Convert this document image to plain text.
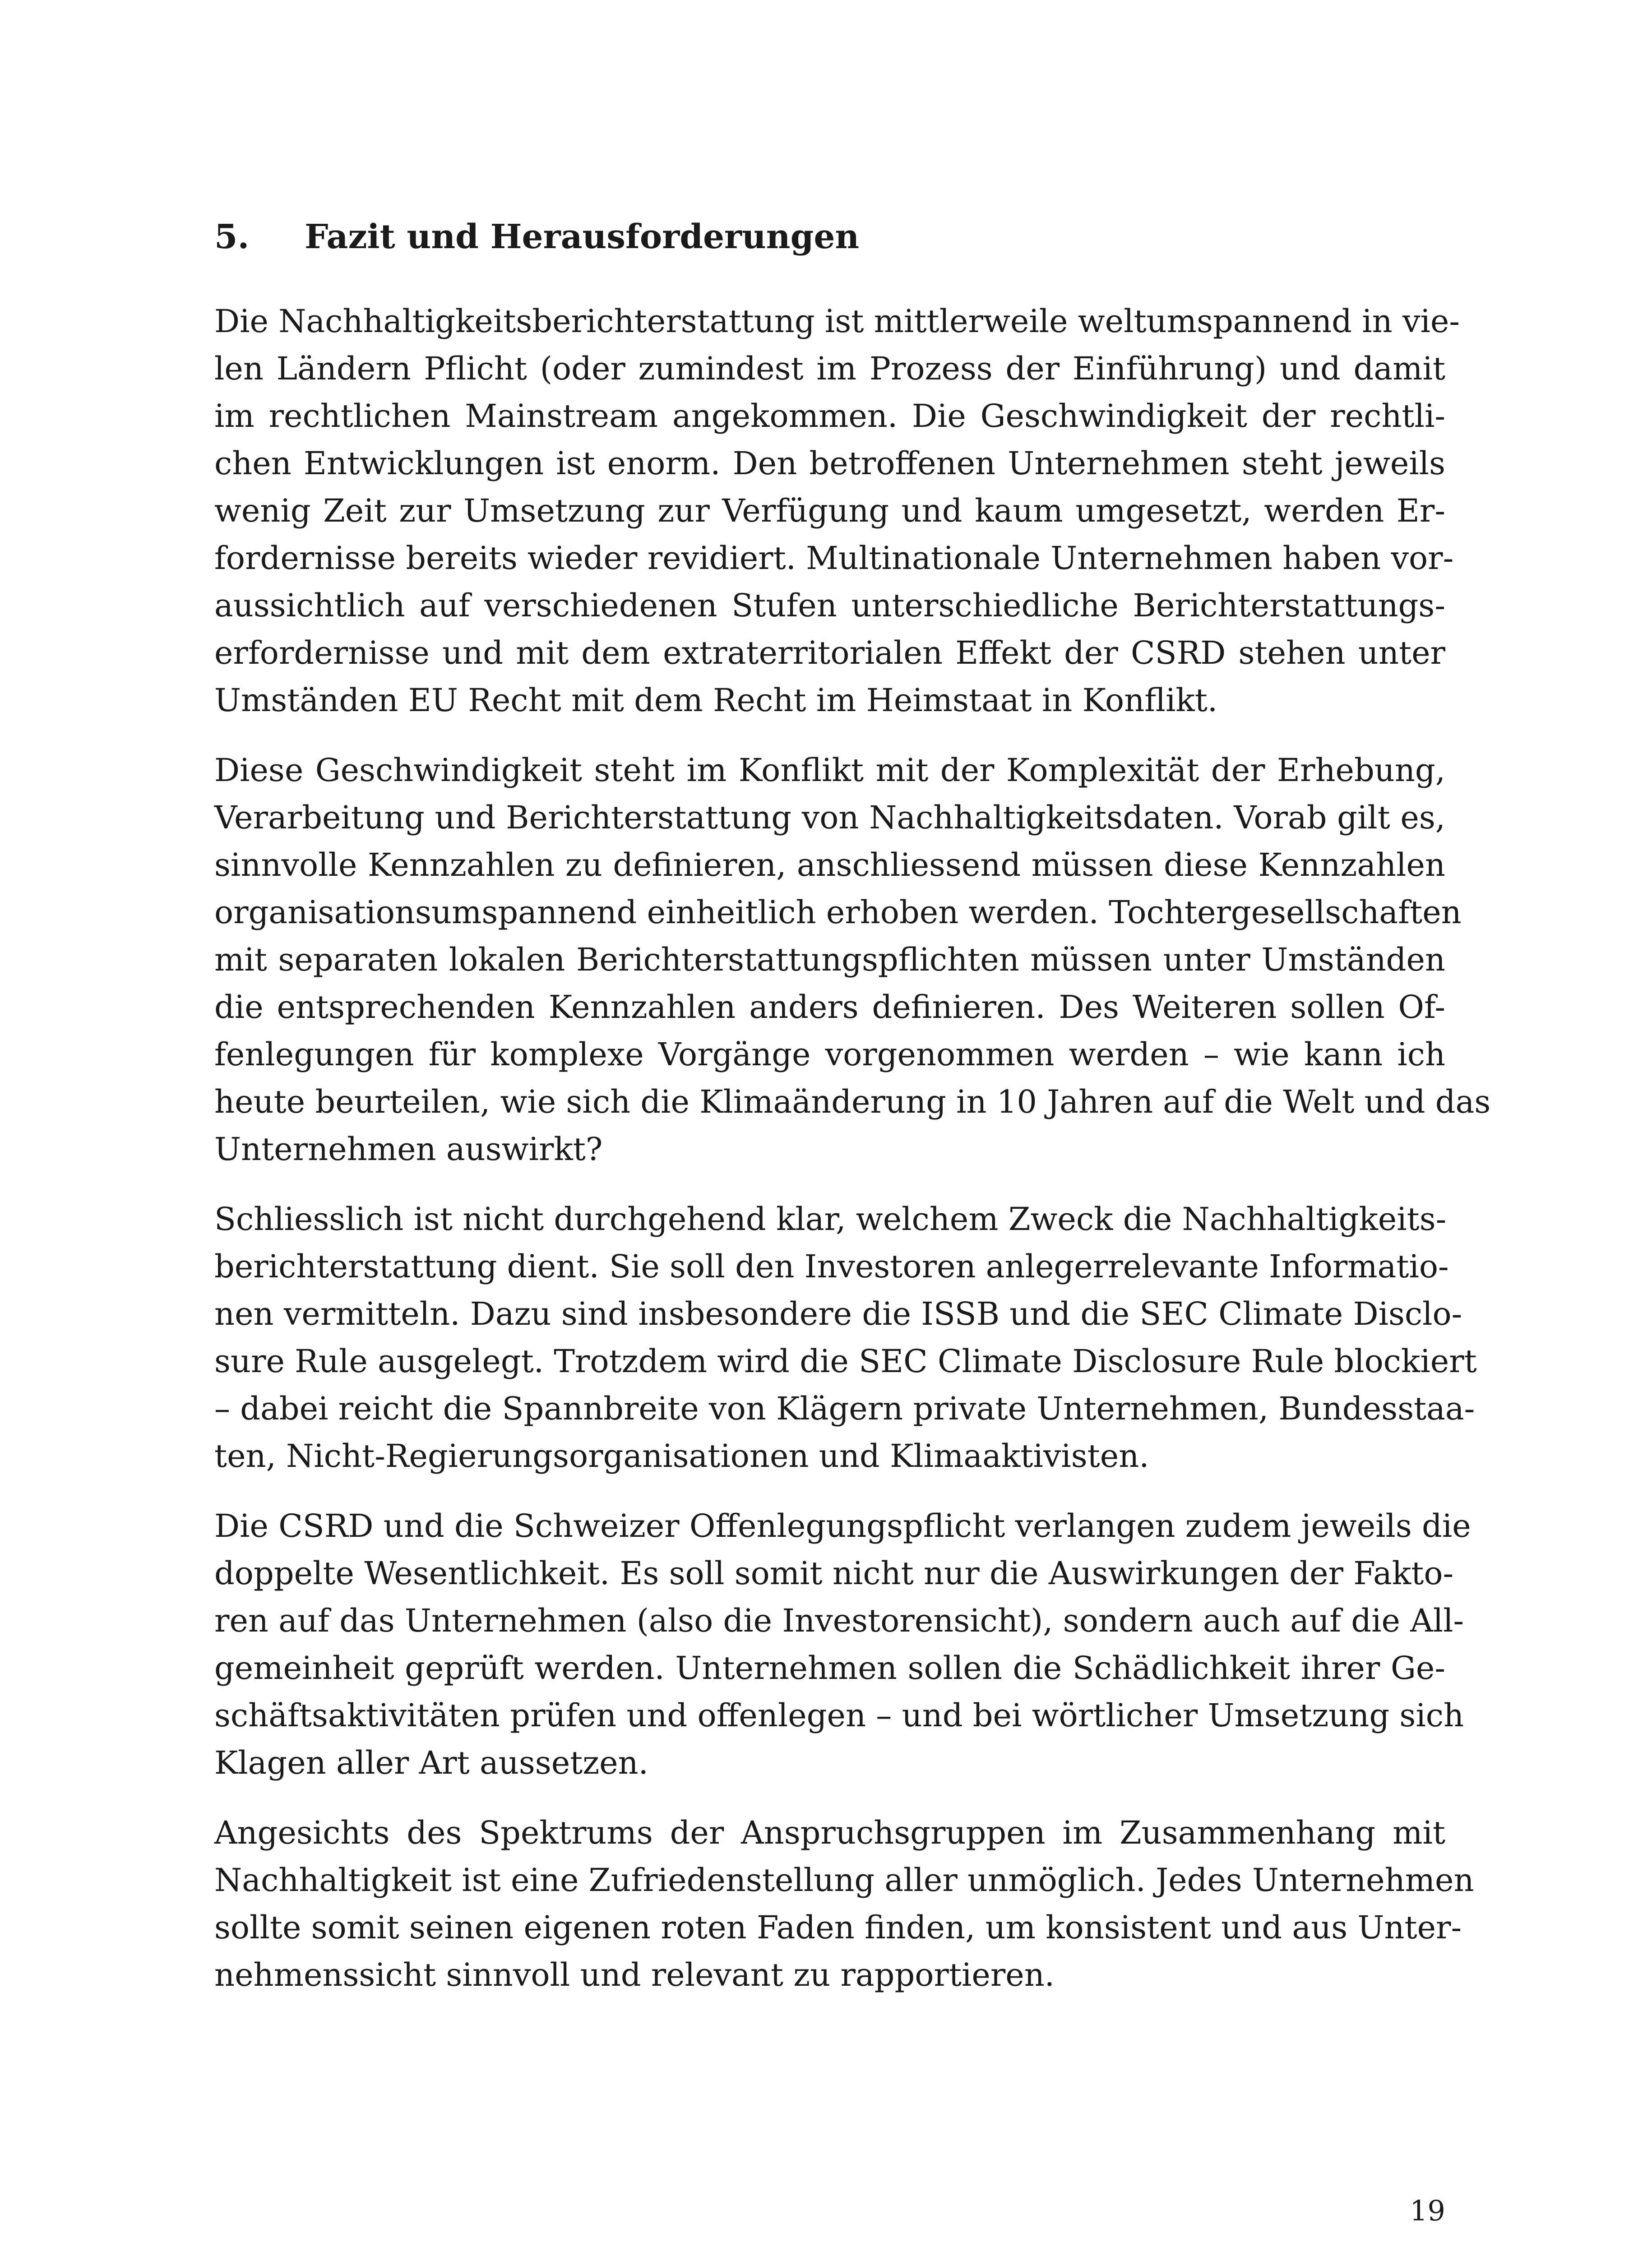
5.	Fazit und Herausforderungen

Die Nachhaltigkeitsberichterstattung ist mittlerweile weltumspannend in vie-
len Ländern Pflicht (oder zumindest im Prozess der Einführung) und damit
im rechtlichen Mainstream angekommen. Die Geschwindigkeit der rechtli-
chen Entwicklungen ist enorm. Den betroffenen Unternehmen steht jeweils
wenig Zeit zur Umsetzung zur Verfügung und kaum umgesetzt, werden Er-
fordernisse bereits wieder revidiert. Multinationale Unternehmen haben vor-
aussichtlich auf verschiedenen Stufen unterschiedliche Berichterstattungs-
erfordernisse und mit dem extraterritorialen Effekt der CSRD stehen unter
Umständen EU Recht mit dem Recht im Heimstaat in Konflikt.

Diese Geschwindigkeit steht im Konflikt mit der Komplexität der Erhebung,
Verarbeitung und Berichterstattung von Nachhaltigkeitsdaten. Vorab gilt es,
sinnvolle Kennzahlen zu definieren, anschliessend müssen diese Kennzahlen
organisationsumspannend einheitlich erhoben werden. Tochtergesellschaften
mit separaten lokalen Berichterstattungspflichten müssen unter Umständen
die entsprechenden Kennzahlen anders definieren. Des Weiteren sollen Of-
fenlegungen für komplexe Vorgänge vorgenommen werden – wie kann ich
heute beurteilen, wie sich die Klimaänderung in 10 Jahren auf die Welt und das
Unternehmen auswirkt?

Schliesslich ist nicht durchgehend klar, welchem Zweck die Nachhaltigkeits-
berichterstattung dient. Sie soll den Investoren anlegerrelevante Informatio-
nen vermitteln. Dazu sind insbesondere die ISSB und die SEC Climate Disclo-
sure Rule ausgelegt. Trotzdem wird die SEC Climate Disclosure Rule blockiert
– dabei reicht die Spannbreite von Klägern private Unternehmen, Bundesstaa-
ten, Nicht-Regierungsorganisationen und Klimaaktivisten.

Die CSRD und die Schweizer Offenlegungspflicht verlangen zudem jeweils die
doppelte Wesentlichkeit. Es soll somit nicht nur die Auswirkungen der Fakto-
ren auf das Unternehmen (also die Investorensicht), sondern auch auf die All-
gemeinheit geprüft werden. Unternehmen sollen die Schädlichkeit ihrer Ge-
schäftsaktivitäten prüfen und offenlegen – und bei wörtlicher Umsetzung sich
Klagen aller Art aussetzen.

Angesichts des Spektrums der Anspruchsgruppen im Zusammenhang mit
Nachhaltigkeit ist eine Zufriedenstellung aller unmöglich. Jedes Unternehmen
sollte somit seinen eigenen roten Faden finden, um konsistent und aus Unter-
nehmenssicht sinnvoll und relevant zu rapportieren.

19
